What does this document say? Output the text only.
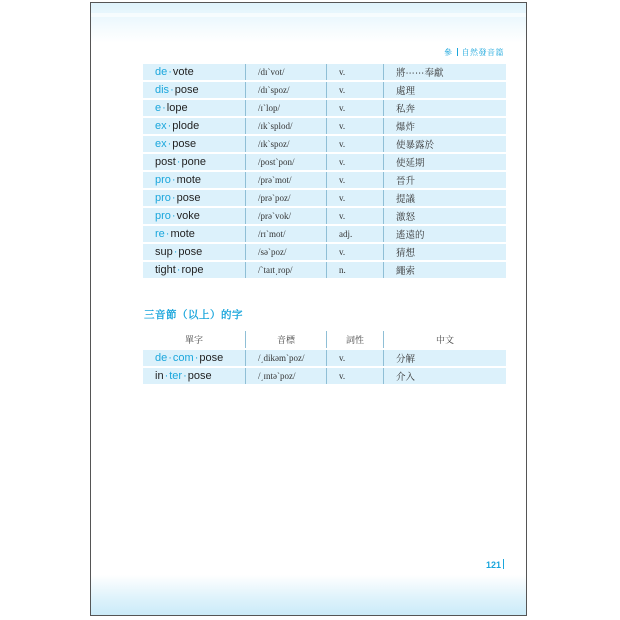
參 自然發音篇
de·vote	/dɪˋvot/	v.	將⋯⋯奉獻
dis·pose	/dɪˋspoz/	v.	處理
e·lope	/ɪˋlop/	v.	私奔
ex·plode	/ɪkˋsplod/	v.	爆炸
ex·pose	/ɪkˋspoz/	v.	使暴露於
post·pone	/postˋpon/	v.	使延期
pro·mote	/prəˋmot/	v.	晉升
pro·pose	/prəˋpoz/	v.	提議
pro·voke	/prəˋvok/	v.	激怒
re·mote	/rɪˋmot/	adj.	遙遠的
sup·pose	/səˋpoz/	v.	猜想
tight·rope	/ˋtaɪt͵rop/	n.	繩索
三音節（以上）的字
單字	音標	詞性	中文
de·com·pose	/͵dikəmˋpoz/	v.	分解
in·ter·pose	/͵ɪntəˋpoz/	v.	介入
121
